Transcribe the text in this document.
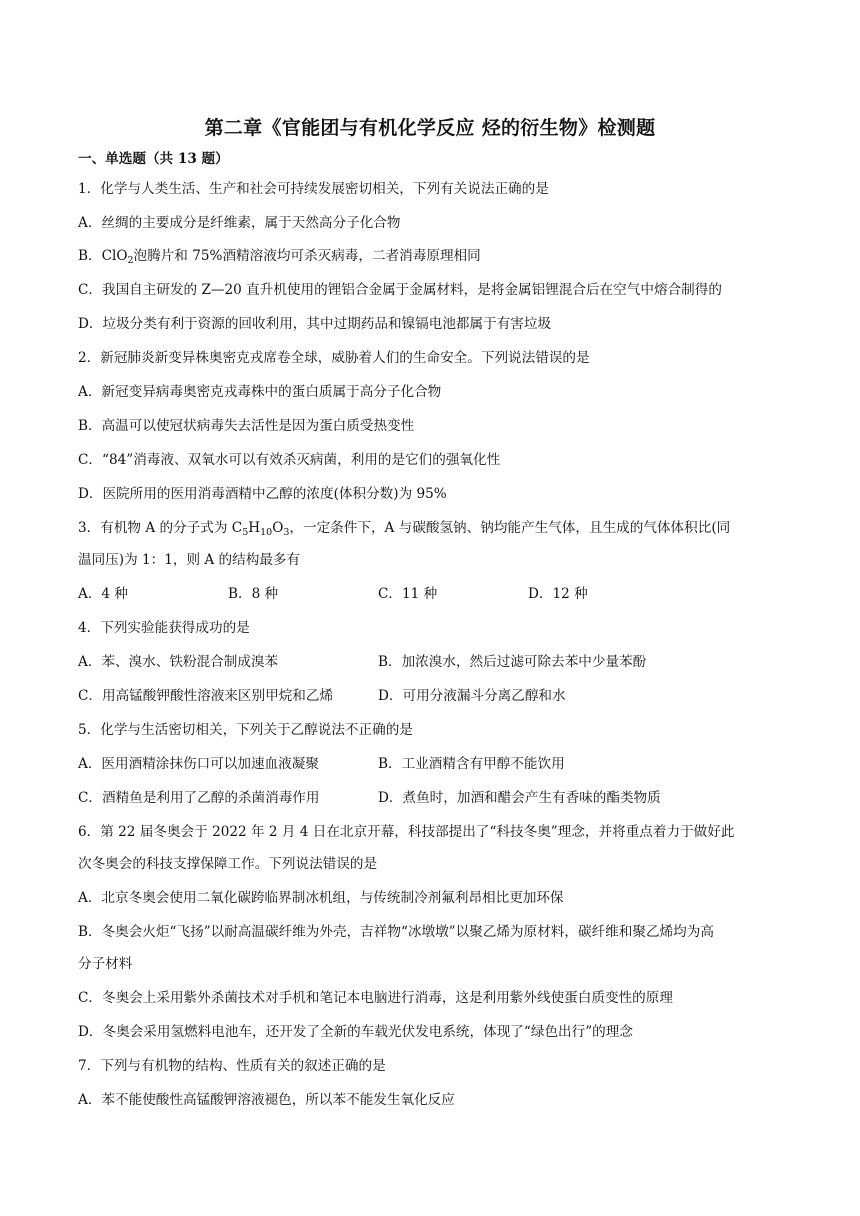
第二章《官能团与有机化学反应 烃的衍生物》检测题
一、单选题（共 13 题）
1．化学与人类生活、生产和社会可持续发展密切相关，下列有关说法正确的是
A．丝绸的主要成分是纤维素，属于天然高分子化合物
B．ClO$_2$泡腾片和 75%酒精溶液均可杀灭病毒，二者消毒原理相同
C．我国自主研发的 Z—20 直升机使用的锂铝合金属于金属材料，是将金属铝锂混合后在空气中熔合制得的
D．垃圾分类有利于资源的回收利用，其中过期药品和镍镉电池都属于有害垃圾
2．新冠肺炎新变异株奥密克戎席卷全球，威胁着人们的生命安全。下列说法错误的是
A．新冠变异病毒奥密克戎毒株中的蛋白质属于高分子化合物
B．高温可以使冠状病毒失去活性是因为蛋白质受热变性
C．“84”消毒液、双氧水可以有效杀灭病菌，利用的是它们的强氧化性
D．医院所用的医用消毒酒精中乙醇的浓度(体积分数)为 95%
3．有机物 A 的分子式为 $C_5H_{10}O_3$，一定条件下，A 与碳酸氢钠、钠均能产生气体，且生成的气体体积比(同
温同压)为 1：1，则 A 的结构最多有
A．4 种	B．8 种	C．11 种	D．12 种
4．下列实验能获得成功的是
A．苯、溴水、铁粉混合制成溴苯	B．加浓溴水，然后过滤可除去苯中少量苯酚
C．用高锰酸钾酸性溶液来区别甲烷和乙烯	D．可用分液漏斗分离乙醇和水
5．化学与生活密切相关，下列关于乙醇说法不正确的是
A．医用酒精涂抹伤口可以加速血液凝聚	B．工业酒精含有甲醇不能饮用
C．酒精鱼是利用了乙醇的杀菌消毒作用	D．煮鱼时，加酒和醋会产生有香味的酯类物质
6．第 22 届冬奥会于 2022 年 2 月 4 日在北京开幕，科技部提出了“科技冬奥”理念，并将重点着力于做好此
次冬奥会的科技支撑保障工作。下列说法错误的是
A．北京冬奥会使用二氧化碳跨临界制冰机组，与传统制冷剂氟利昂相比更加环保
B．冬奥会火炬“飞扬”以耐高温碳纤维为外壳，吉祥物“冰墩墩”以聚乙烯为原材料，碳纤维和聚乙烯均为高
分子材料
C．冬奥会上采用紫外杀菌技术对手机和笔记本电脑进行消毒，这是利用紫外线使蛋白质变性的原理
D．冬奥会采用氢燃料电池车，还开发了全新的车载光伏发电系统，体现了“绿色出行”的理念
7．下列与有机物的结构、性质有关的叙述正确的是
A．苯不能使酸性高锰酸钾溶液褪色，所以苯不能发生氧化反应
